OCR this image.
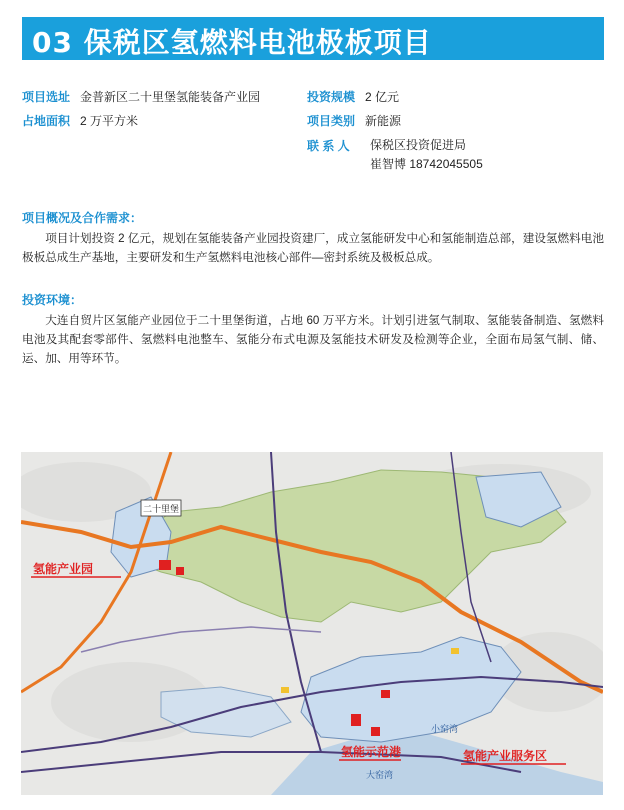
03 保税区氢燃料电池极板项目
项目选址 金普新区二十里堡氢能装备产业园
占地面积 2 万平方米
投资规模 2 亿元
项目类别 新能源
联 系 人 保税区投资促进局
崔智博 18742045505
项目概况及合作需求：
项目计划投资 2 亿元，规划在氢能装备产业园投资建厂，成立氢能研发中心和氢能制造总部，建设氢燃料电池极板总成生产基地，主要研发和生产氢燃料电池核心部件—密封系统及极板总成。
投资环境：
大连自贸片区氢能产业园位于二十里堡街道，占地 60 万平方米。计划引进氢气制取、氢能装备制造、氢燃料电池及其配套零部件、氢燃料电池整车、氢能分布式电源及氢能技术研发及检测等企业，全面布局氢气制、储、运、加、用等环节。
二十里堡
氢能产业园
氢能示范港	氢能产业服务区
小窑湾
大窑湾
